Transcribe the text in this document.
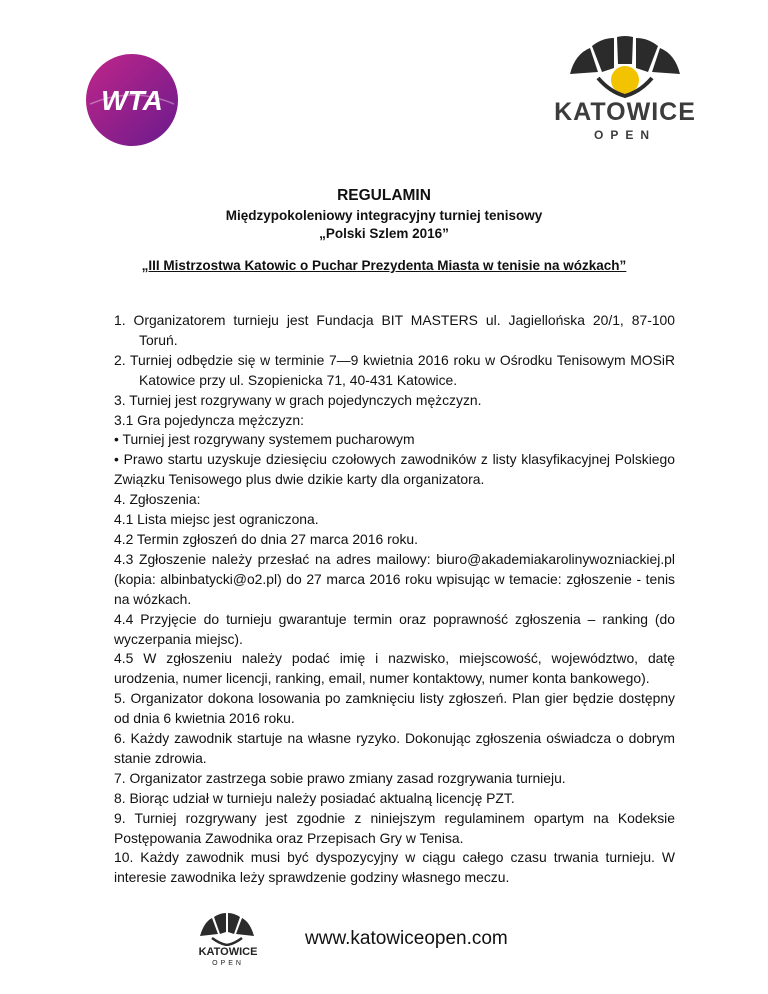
WTA	KATOWICE
OPEN
REGULAMIN
Międzypokoleniowy integracyjny turniej tenisowy
„Polski Szlem 2016”
„III Mistrzostwa Katowic o Puchar Prezydenta Miasta w tenisie na wózkach”

1. Organizatorem turnieju jest Fundacja BIT MASTERS ul. Jagiellońska 20/1, 87-100 Toruń.

2. Turniej odbędzie się w terminie 7—9 kwietnia 2016 roku w Ośrodku Tenisowym MOSiR Katowice przy ul. Szopienicka 71, 40-431 Katowice.

3. Turniej jest rozgrywany w grach pojedynczych mężczyzn.

3.1 Gra pojedyncza mężczyzn:

• Turniej jest rozgrywany systemem pucharowym

• Prawo startu uzyskuje dziesięciu czołowych zawodników z listy klasyfikacyjnej Polskiego Związku Tenisowego plus dwie dzikie karty dla organizatora.

4. Zgłoszenia:

4.1 Lista miejsc jest ograniczona.

4.2 Termin zgłoszeń do dnia 27 marca 2016 roku.

4.3 Zgłoszenie należy przesłać na adres mailowy: biuro@akademiakarolinywozniackiej.pl (kopia: albinbatycki@o2.pl) do 27 marca 2016 roku wpisując w temacie: zgłoszenie - tenis na wózkach.

4.4 Przyjęcie do turnieju gwarantuje termin oraz poprawność zgłoszenia – ranking (do wyczerpania miejsc).

4.5 W zgłoszeniu należy podać imię i nazwisko, miejscowość, województwo, datę urodzenia, numer licencji, ranking, email, numer kontaktowy, numer konta bankowego).

5. Organizator dokona losowania po zamknięciu listy zgłoszeń. Plan gier będzie dostępny od dnia 6 kwietnia 2016 roku.

6. Każdy zawodnik startuje na własne ryzyko. Dokonując zgłoszenia oświadcza o dobrym stanie zdrowia.

7. Organizator zastrzega sobie prawo zmiany zasad rozgrywania turnieju.

8. Biorąc udział w turnieju należy posiadać aktualną licencję PZT.

9. Turniej rozgrywany jest zgodnie z niniejszym regulaminem opartym na Kodeksie Postępowania Zawodnika oraz Przepisach Gry w Tenisa.

10. Każdy zawodnik musi być dyspozycyjny w ciągu całego czasu trwania turnieju. W interesie zawodnika leży sprawdzenie godziny własnego meczu.

KATOWICE
OPEN
www.katowiceopen.com
